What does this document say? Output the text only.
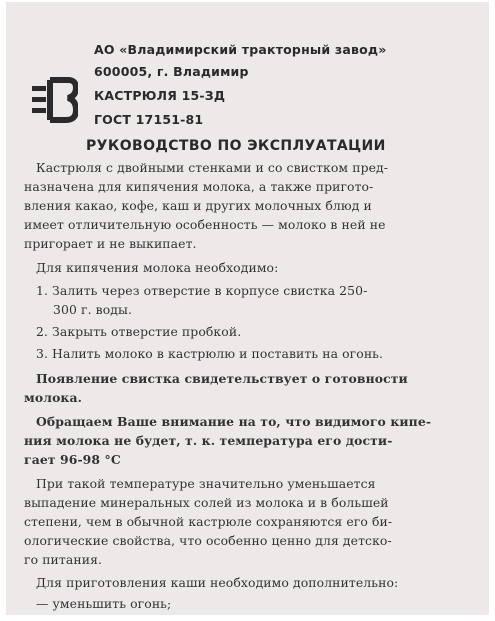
АО «Владимирский тракторный завод»
600005, г. Владимир
КАСТРЮЛЯ 15-ЗД
ГОСТ 17151-81
РУКОВОДСТВО ПО ЭКСПЛУАТАЦИИ
Кастрюля с двойными стенками и со свистком пред-
назначена для кипячения молока, а также пригото-
вления какао, кофе, каш и других молочных блюд и
имеет отличительную особенность — молоко в ней не
пригорает и не выкипает.
Для кипячения молока необходимо:
1. Залить через отверстие в корпусе свистка 250-
300 г. воды.
2. Закрыть отверстие пробкой.
3. Налить молоко в кастрюлю и поставить на огонь.
Появление свистка свидетельствует о готовности
молока.
Обращаем Ваше внимание на то, что видимого кипе-
ния молока не будет, т. к. температура его дости-
гает 96-98 °С
При такой температуре значительно уменьшается
выпадение минеральных солей из молока и в большей
степени, чем в обычной кастрюле сохраняются его би-
ологические свойства, что особенно ценно для детско-
го питания.
Для приготовления каши необходимо дополнительно:
— уменьшить огонь;
